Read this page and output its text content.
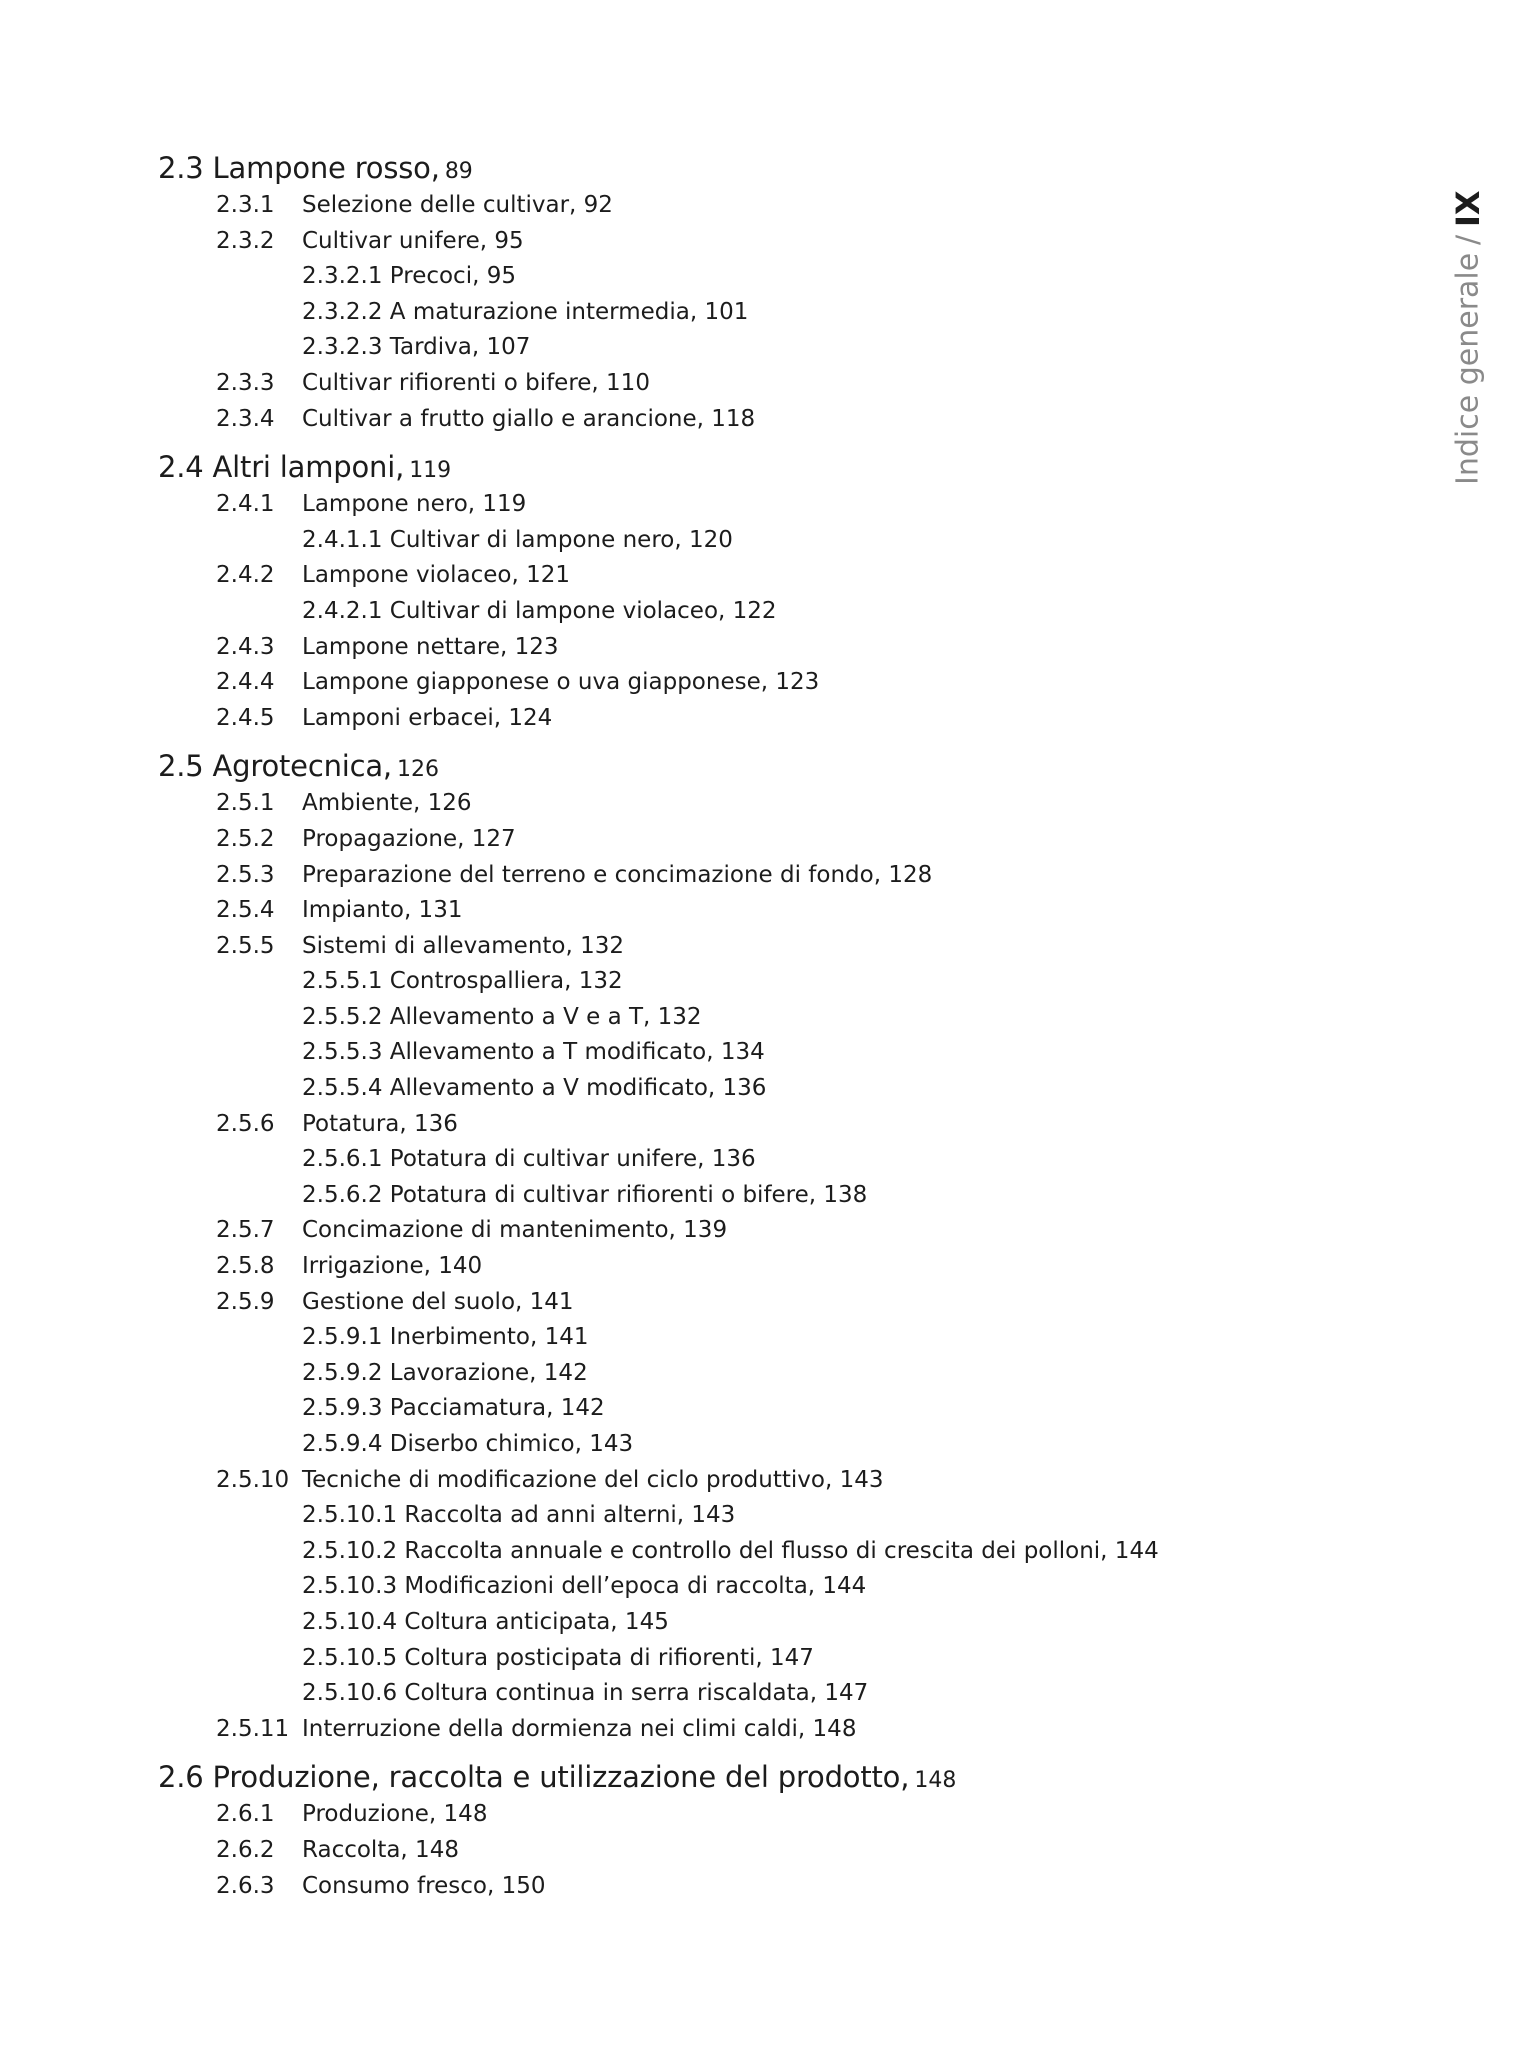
Indice generale
/
IX
2.3 Lampone rosso, 89
2.3.1 Selezione delle cultivar, 92
2.3.2 Cultivar unifere, 95
2.3.2.1 Precoci, 95
2.3.2.2 A maturazione intermedia, 101
2.3.2.3 Tardiva, 107
2.3.3 Cultivar rifiorenti o bifere, 110
2.3.4 Cultivar a frutto giallo e arancione, 118
2.4 Altri lamponi, 119
2.4.1 Lampone nero, 119
2.4.1.1 Cultivar di lampone nero, 120
2.4.2 Lampone violaceo, 121
2.4.2.1 Cultivar di lampone violaceo, 122
2.4.3 Lampone nettare, 123
2.4.4 Lampone giapponese o uva giapponese, 123
2.4.5 Lamponi erbacei, 124
2.5 Agrotecnica, 126
2.5.1 Ambiente, 126
2.5.2 Propagazione, 127
2.5.3 Preparazione del terreno e concimazione di fondo, 128
2.5.4 Impianto, 131
2.5.5 Sistemi di allevamento, 132
2.5.5.1 Controspalliera, 132
2.5.5.2 Allevamento a V e a T, 132
2.5.5.3 Allevamento a T modificato, 134
2.5.5.4 Allevamento a V modificato, 136
2.5.6 Potatura, 136
2.5.6.1 Potatura di cultivar unifere, 136
2.5.6.2 Potatura di cultivar rifiorenti o bifere, 138
2.5.7 Concimazione di mantenimento, 139
2.5.8 Irrigazione, 140
2.5.9 Gestione del suolo, 141
2.5.9.1 Inerbimento, 141
2.5.9.2 Lavorazione, 142
2.5.9.3 Pacciamatura, 142
2.5.9.4 Diserbo chimico, 143
2.5.10 Tecniche di modificazione del ciclo produttivo, 143
2.5.10.1 Raccolta ad anni alterni, 143
2.5.10.2 Raccolta annuale e controllo del flusso di crescita dei polloni, 144
2.5.10.3 Modificazioni dell’epoca di raccolta, 144
2.5.10.4 Coltura anticipata, 145
2.5.10.5 Coltura posticipata di rifiorenti, 147
2.5.10.6 Coltura continua in serra riscaldata, 147
2.5.11 Interruzione della dormienza nei climi caldi, 148
2.6 Produzione, raccolta e utilizzazione del prodotto, 148
2.6.1 Produzione, 148
2.6.2 Raccolta, 148
2.6.3 Consumo fresco, 150
